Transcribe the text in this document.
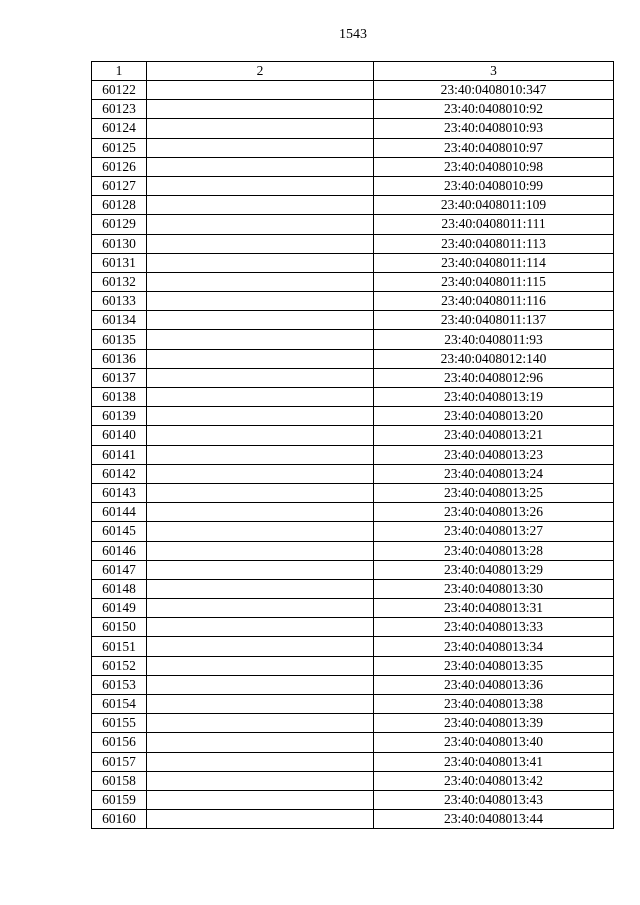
1543
1	2	3
60122		23:40:0408010:347
60123		23:40:0408010:92
60124		23:40:0408010:93
60125		23:40:0408010:97
60126		23:40:0408010:98
60127		23:40:0408010:99
60128		23:40:0408011:109
60129		23:40:0408011:111
60130		23:40:0408011:113
60131		23:40:0408011:114
60132		23:40:0408011:115
60133		23:40:0408011:116
60134		23:40:0408011:137
60135		23:40:0408011:93
60136		23:40:0408012:140
60137		23:40:0408012:96
60138		23:40:0408013:19
60139		23:40:0408013:20
60140		23:40:0408013:21
60141		23:40:0408013:23
60142		23:40:0408013:24
60143		23:40:0408013:25
60144		23:40:0408013:26
60145		23:40:0408013:27
60146		23:40:0408013:28
60147		23:40:0408013:29
60148		23:40:0408013:30
60149		23:40:0408013:31
60150		23:40:0408013:33
60151		23:40:0408013:34
60152		23:40:0408013:35
60153		23:40:0408013:36
60154		23:40:0408013:38
60155		23:40:0408013:39
60156		23:40:0408013:40
60157		23:40:0408013:41
60158		23:40:0408013:42
60159		23:40:0408013:43
60160		23:40:0408013:44
